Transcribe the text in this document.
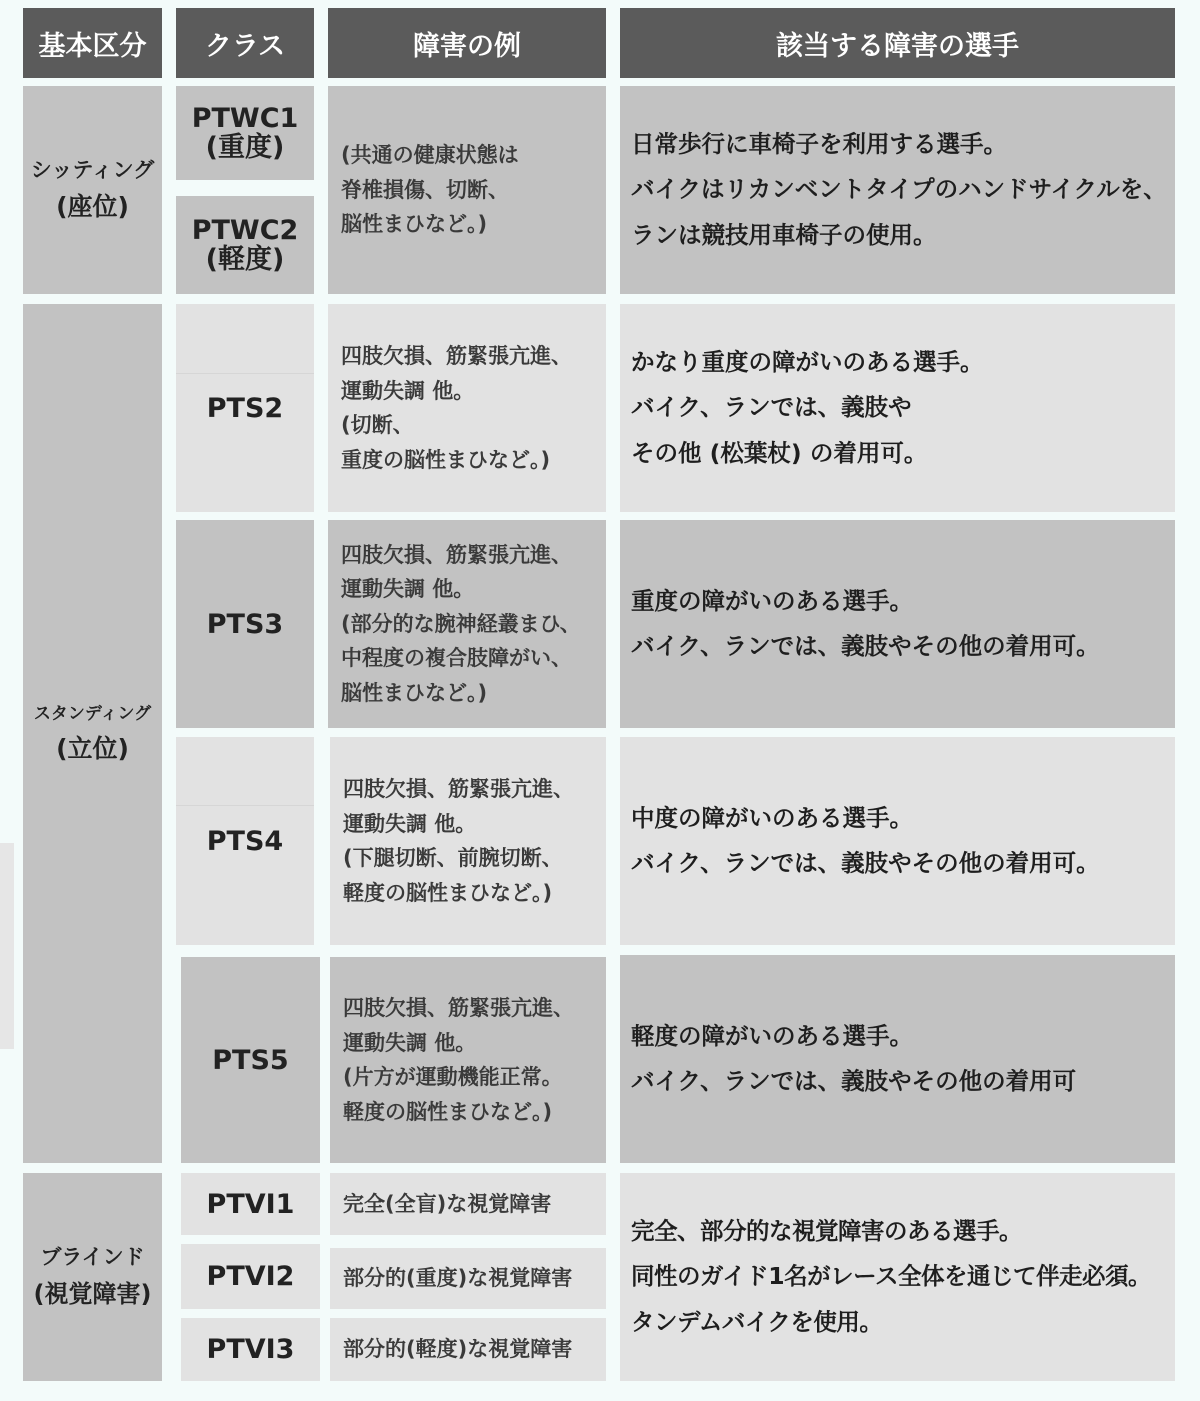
基本区分 クラス	障害の例	該当する障害の選手
シッティング
(座位)
スタンディング
(立位)
ブラインド
(視覚障害)
PTWC1
(重度)
PTWC2
(軽度)
PTS2
PTS3
PTS4
PTS5
PTVI1
PTVI2
PTVI3
(共通の健康状態は
脊椎損傷、切断、
脳性まひなど。)
四肢欠損、筋緊張亢進、
運動失調 他。
(切断、
重度の脳性まひなど。)
四肢欠損、筋緊張亢進、
運動失調 他。
(部分的な腕神経叢まひ、
中程度の複合肢障がい、
脳性まひなど。)
四肢欠損、筋緊張亢進、
運動失調 他。
(下腿切断、前腕切断、
軽度の脳性まひなど。)
四肢欠損、筋緊張亢進、
運動失調 他。
(片方が運動機能正常。
軽度の脳性まひなど。)
完全(全盲)な視覚障害
部分的(重度)な視覚障害
部分的(軽度)な視覚障害
日常歩行に車椅子を利用する選手。
バイクはリカンベントタイプのハンドサイクルを、
ランは競技用車椅子の使用。
かなり重度の障がいのある選手。
バイク、ランでは、義肢や
その他 (松葉杖) の着用可。
重度の障がいのある選手。
バイク、ランでは、義肢やその他の着用可。
中度の障がいのある選手。
バイク、ランでは、義肢やその他の着用可。
軽度の障がいのある選手。
バイク、ランでは、義肢やその他の着用可
完全、部分的な視覚障害のある選手。
同性のガイド1名がレース全体を通じて伴走必須。
タンデムバイクを使用。
